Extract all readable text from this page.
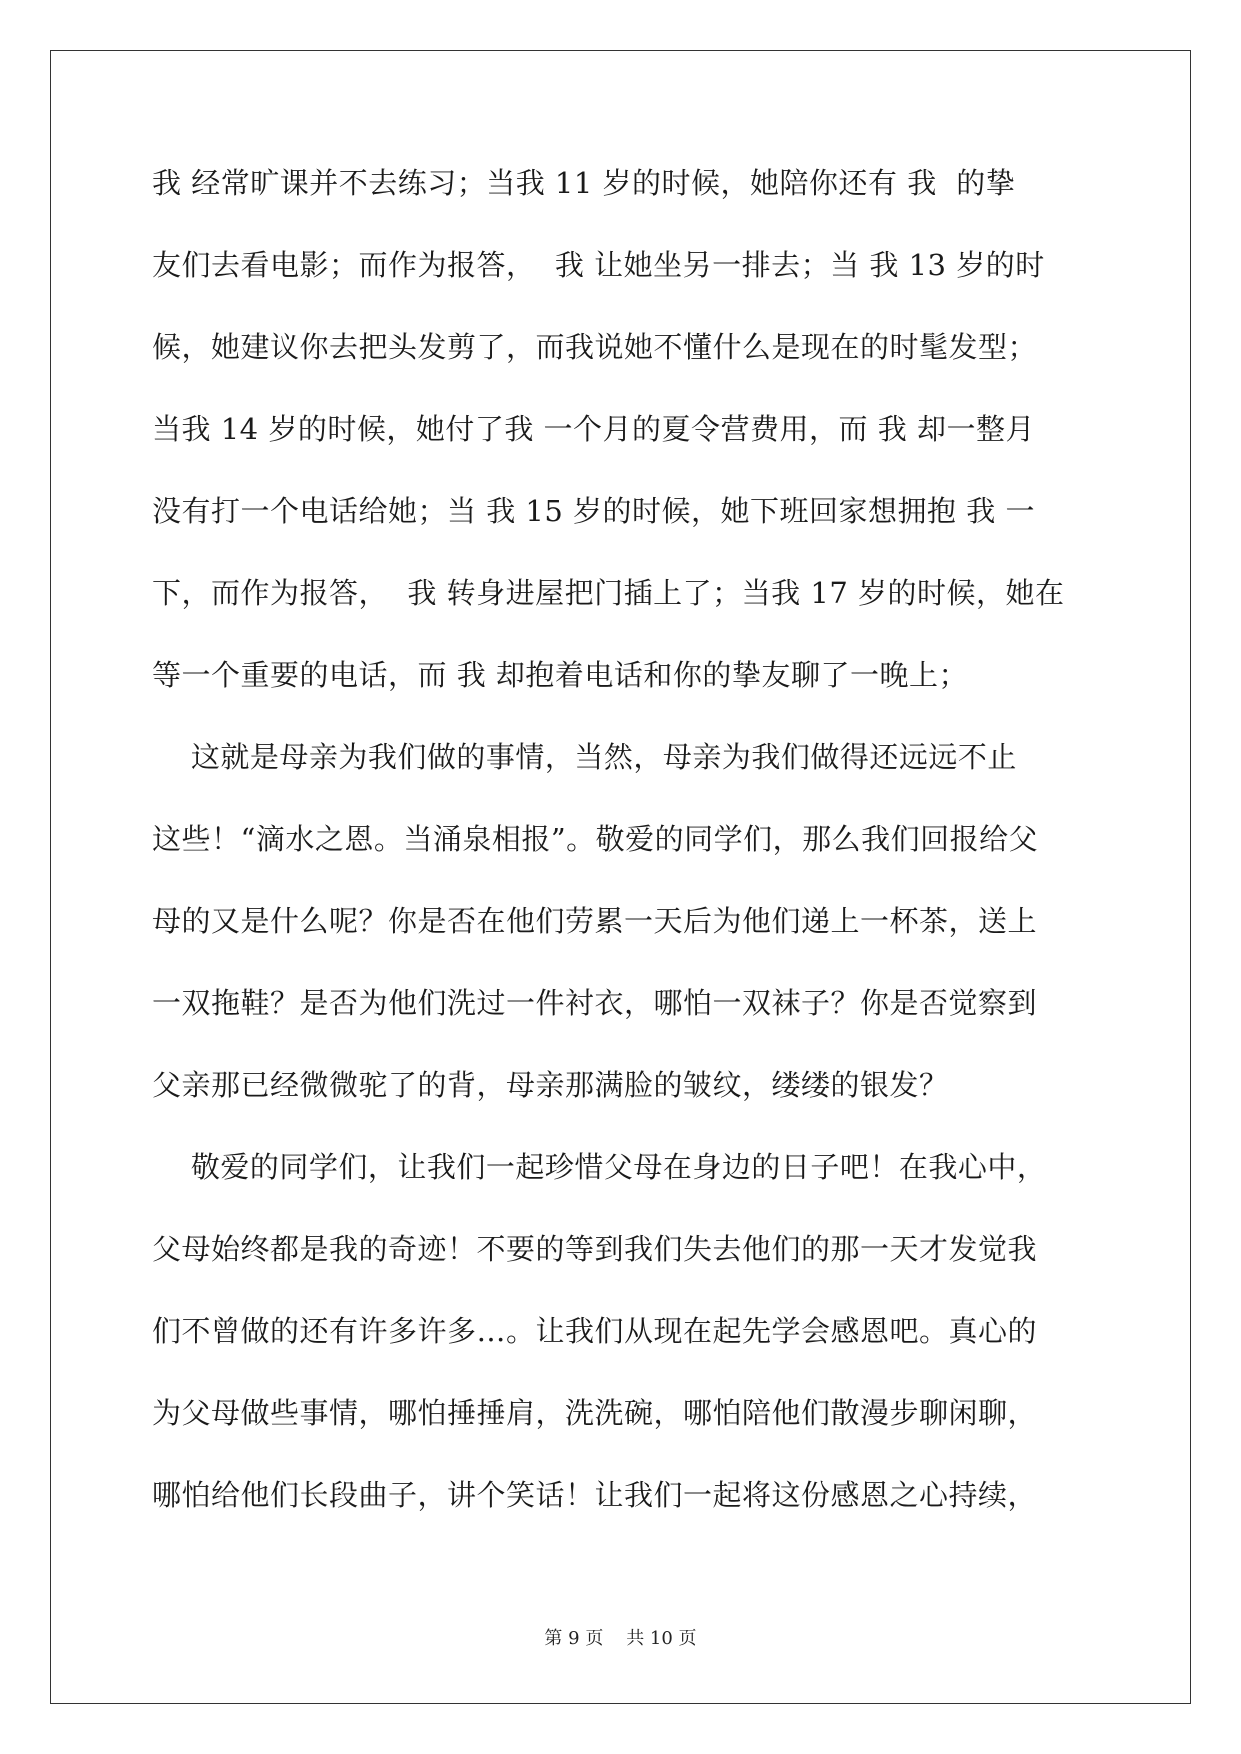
我 经常旷课并不去练习；当我 11 岁的时候，她陪你还有 我  的挚
友们去看电影；而作为报答，  我 让她坐另一排去；当 我 13 岁的时
候，她建议你去把头发剪了，而我说她不懂什么是现在的时髦发型；
当我 14 岁的时候，她付了我 一个月的夏令营费用，而 我 却一整月
没有打一个电话给她；当 我 15 岁的时候，她下班回家想拥抱 我 一
下，而作为报答，  我 转身进屋把门插上了；当我 17 岁的时候，她在
等一个重要的电话，而 我 却抱着电话和你的挚友聊了一晚上；
这就是母亲为我们做的事情，当然，母亲为我们做得还远远不止
这些！“滴水之恩。当涌泉相报”。敬爱的同学们，那么我们回报给父
母的又是什么呢？你是否在他们劳累一天后为他们递上一杯茶，送上
一双拖鞋？是否为他们洗过一件衬衣，哪怕一双袜子？你是否觉察到
父亲那已经微微驼了的背，母亲那满脸的皱纹，缕缕的银发？
敬爱的同学们，让我们一起珍惜父母在身边的日子吧！在我心中，
父母始终都是我的奇迹！不要的等到我们失去他们的那一天才发觉我
们不曾做的还有许多许多…。让我们从现在起先学会感恩吧。真心的
为父母做些事情，哪怕捶捶肩，洗洗碗，哪怕陪他们散漫步聊闲聊，
哪怕给他们长段曲子，讲个笑话！让我们一起将这份感恩之心持续，
第 9 页    共 10 页
